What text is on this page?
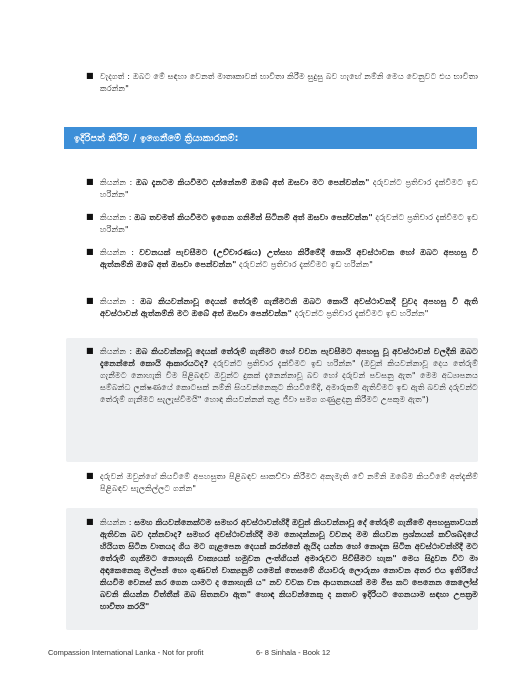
■ වැදගත් : ඔබට මේ සඳහා වෙනත් මාතෘකාවක් භාවිතා කිරීම සුදුසු බව හැඟේ නම්නි මෙය වෙනුවට එය භාවිතා කරන්න"
ඉදිරිපත් කිරීම / ඉගෙනීමේ ක්‍රියාකාරකම්:
■ කියන්න : ඔබ දැනටම කියවීමට දන්නේනම් ඔබේ අත් ඔසවා මට පෙන්වන්න" දරුවන්ට ප්‍රතිචාර දැක්වීමට ඉඩ හරින්න"
■ කියන්න : ඔබ තවමත් කියවීමට ඉගෙන ගනිමින් සිටිනම් අත් ඔසවා පෙන්වන්න" දරුවන්ට ප්‍රතිචාර දැක්වීමට ඉඩ හරින්න"
■ කියන්න : වචනයක් පැවසීමට (උච්චාරණය) උත්සහ කිරීමේදී කොයි අවස්ථාවක හෝ ඔබට අපහසු වී ඇත්නම්නි ඔබේ අත් ඔසවා පෙන්වන්න" දරුවන්ට ප්‍රතිචාර දැක්වීමට ඉඩ හරින්න"
■ කියන්න : ඔබ කියවන්නාවූ දෙයක් තේරුම් ගැනීමටනි ඔබට කොයි අවස්ථාවකදී වුවද අපහසු වී ඇති අවස්ථාවන් ඇත්නම්නි මට ඔබේ අත් ඔසවා පෙන්වන්න" දරුවන්ට ප්‍රතිචාර දැක්වීමට ඉඩ හරින්න"
■ කියන්න : ඔබ කියවන්නාවූ දෙයක් තේරුම් ගැනීමට හෝ වචන පැවසීමට අපහසු වූ අවස්ථාවන් වලදීනි ඔබට දැනෙන්නේ කොයි ආකාරයටද? දරුවන්ට ප්‍රතිචාර දැක්වීමට ඉඩ හරින්න" (ඔවුන් කියවන්නාවූ දෙය තේරුම් ගැනීමට නොහැකි වීම පිළිබඳව ඔවුන්ට දුකක් දැනෙන්නාවූ බව හෝ දරුවන් පවසනු ඇත" මෙම අධ්‍යාපනය සම්බන්ධ ලක්ෂණයේ කොටසක් නම්නි සියවන්නෙකුට කියවීමේදී, අමාරුකම් ඇතිවීමට ඉඩ ඇති බවනි දරුවන්ට තේරුම් ගැනීමට සැලැස්වීමයි" හොඳ කියවන්නන් තුළ ජීවා සමග ගණුළදනු කිරීමට උපකුම ඇත")
■ දරුවන් ඔවුන්ගේ කියවීමේ අපහසුතා පිළිබඳව සාකච්චා කිරීමට අකැමැති වේ නම්නි ඔබේම කියවීමේ අත්දැකීම් පිළිබඳව සැලකිල්ලට ගන්න"
■ කියන්න : සමහ කියවන්නෙක්ටම සමහර අවස්ථාවන්හිදී ඔවුන් කියවන්නාවූ දේ තේරුම් ගැනීමේ අපහසුතාවයන් ඇතිවන බව දන්නවාද? සමහර අවස්ථාවන්හිදී මම නොදන්නාවූ වචනද මම කියවන ප්‍රශ්නයක් කව්ශබ්දයේ හියියත සිටින වාතයද ගිය මට ගැළපෙන දෙයක් කරන්නේ ඇයිද යන්න හෝ නොදැන සිටින අවස්ථාවන්හිදී මට තේරුම් ගැනීමට නොහැකි වාක්‍යයක් හමුවන ලංත්ගියන් අමාරුවට පිවිසීමට හැක" මෙය සිදුවන විට මා අඳාකෙනෙකු මල්පන් හො ගුණවත් වාක්‍යනුම් යමෙක් තෙසමේ ගියාවරු ලොරුනා නොවන අතර එය ඉතිරියේ කියවීම වෙනස් කර ගෙන යාමට ද නොහැකි ය" නව වවක වන ආයතනයක් මම මිස කට පෙනෙන කෙලෝස් බවනි කියන්න විත්තීන් ඔබ සිතනවා ඇත" හොඳ කියවන්නෙකු ද කතාව ඉදිරියට ගෙනයාම සඳහා උපක්‍රම භාවිතා කරයි"
Compassion International Lanka - Not for profit	6- 8 Sinhala - Book 12
